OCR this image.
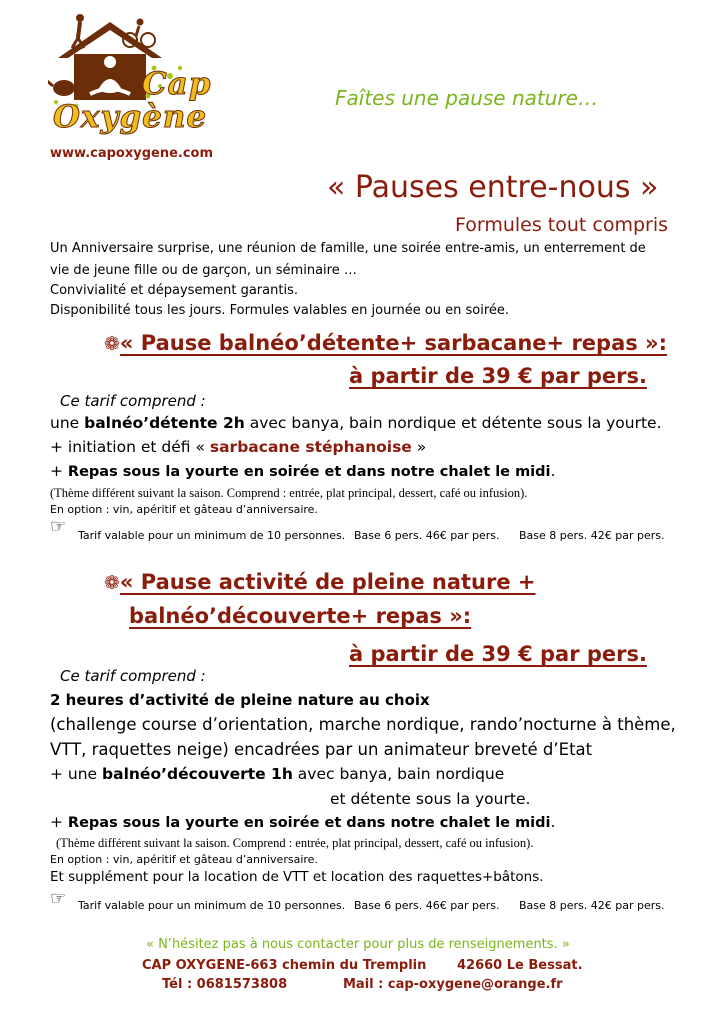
Cap
Oxygène
www.capoxygene.com
Faîtes une pause nature…
« Pauses entre-nous »
Formules tout compris
Un Anniversaire surprise, une réunion de famille, une soirée entre-amis, un enterrement de
vie de jeune fille ou de garçon, un séminaire …
Convivialité et dépaysement garantis.
Disponibilité tous les jours. Formules valables en journée ou en soirée.
❁« Pause balnéo’détente+ sarbacane+ repas »:
à partir de 39 € par pers.
Ce tarif comprend :
une balnéo’détente 2h avec banya, bain nordique et détente sous la yourte.
+ initiation et défi « sarbacane stéphanoise »
+ Repas sous la yourte en soirée et dans notre chalet le midi.
(Thème différent suivant la saison. Comprend : entrée, plat principal, dessert, café ou infusion).
En option : vin, apéritif et gâteau d’anniversaire.
☞ Tarif valable pour un minimum de 10 personnes. Base 6 pers. 46€ par pers. Base 8 pers. 42€ par pers.
❁« Pause activité de pleine nature +
balnéo’découverte+ repas »:
à partir de 39 € par pers.
Ce tarif comprend :
2 heures d’activité de pleine nature au choix
(challenge course d’orientation, marche nordique, rando’nocturne à thème,
VTT, raquettes neige) encadrées par un animateur breveté d’Etat
+ une balnéo’découverte 1h avec banya, bain nordique
et détente sous la yourte.
+ Repas sous la yourte en soirée et dans notre chalet le midi.
(Thème différent suivant la saison. Comprend : entrée, plat principal, dessert, café ou infusion).
En option : vin, apéritif et gâteau d’anniversaire.
Et supplément pour la location de VTT et location des raquettes+bâtons.
☞ Tarif valable pour un minimum de 10 personnes. Base 6 pers. 46€ par pers. Base 8 pers. 42€ par pers.
« N’hésitez pas à nous contacter pour plus de renseignements. »
CAP OXYGENE-663 chemin du Tremplin 42660 Le Bessat.
Tél : 0681573808	Mail : cap-oxygene@orange.fr
